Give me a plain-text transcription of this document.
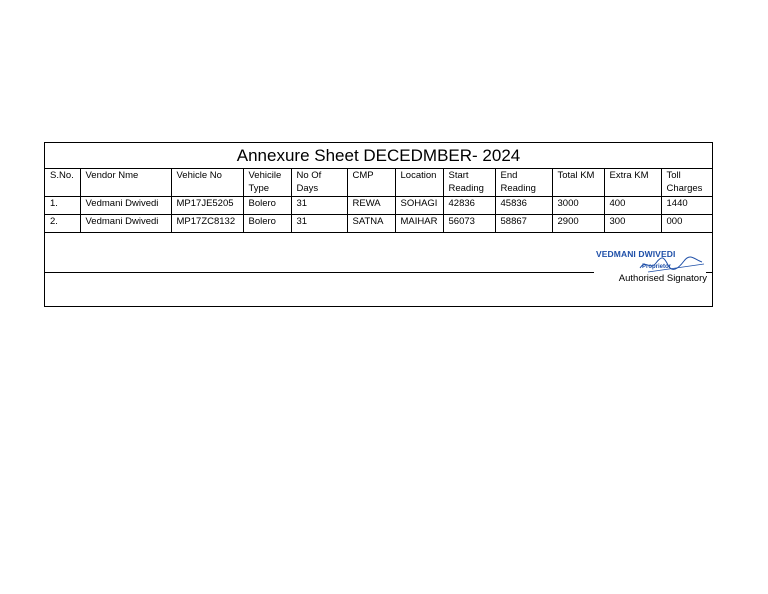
Annexure Sheet DECEDMBER- 2024
S.No.	Vendor Nme	Vehicle No	Vehicile Type	No Of Days	CMP	Location	Start Reading	End Reading	Total KM	Extra KM	Toll Charges
1.	Vedmani Dwivedi	MP17JE5205	Bolero	31	REWA	SOHAGI	42836	45836	3000	400	1440
2.	Vedmani Dwivedi	MP17ZC8132	Bolero	31	SATNA	MAIHAR	56073	58867	2900	300	000
VEDMANI DWIVEDI
Proprietor
Authorised Signatory
